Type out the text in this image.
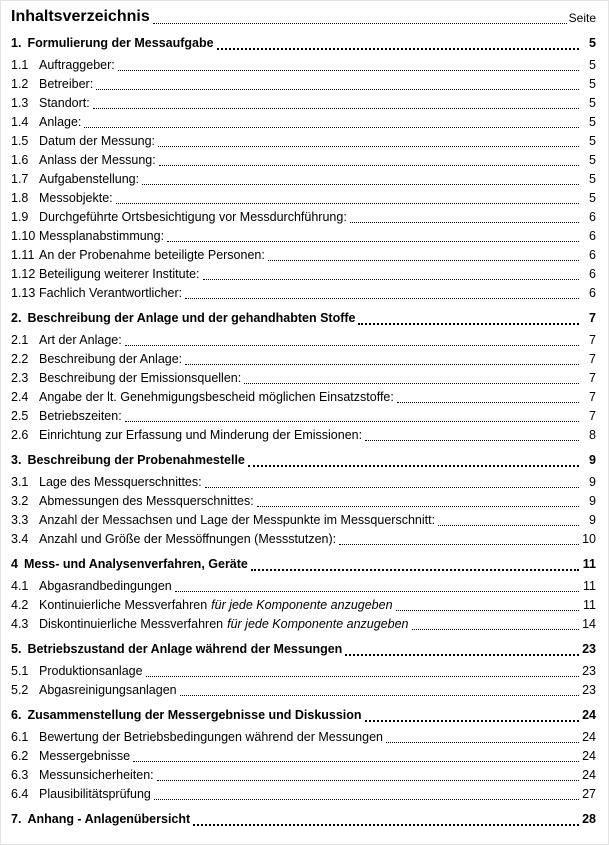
Inhaltsverzeichnis	Seite
1. Formulierung der Messaufgabe	5
1.1 Auftraggeber:	5
1.2 Betreiber:	5
1.3 Standort:	5
1.4 Anlage:	5
1.5 Datum der Messung:	5
1.6 Anlass der Messung:	5
1.7 Aufgabenstellung:	5
1.8 Messobjekte:	5
1.9 Durchgeführte Ortsbesichtigung vor Messdurchführung:	6
1.10 Messplanabstimmung:	6
1.11 An der Probenahme beteiligte Personen:	6
1.12 Beteiligung weiterer Institute:	6
1.13 Fachlich Verantwortlicher:	6
2. Beschreibung der Anlage und der gehandhabten Stoffe	7
2.1 Art der Anlage:	7
2.2 Beschreibung der Anlage:	7
2.3 Beschreibung der Emissionsquellen:	7
2.4 Angabe der lt. Genehmigungsbescheid möglichen Einsatzstoffe:	7
2.5 Betriebszeiten:	7
2.6 Einrichtung zur Erfassung und Minderung der Emissionen:	8
3. Beschreibung der Probenahmestelle	9
3.1 Lage des Messquerschnittes:	9
3.2 Abmessungen des Messquerschnittes:	9
3.3 Anzahl der Messachsen und Lage der Messpunkte im Messquerschnitt:	9
3.4 Anzahl und Größe der Messöffnungen (Messstutzen):	10
4 Mess- und Analysenverfahren, Geräte	11
4.1 Abgasrandbedingungen	11
4.2 Kontinuierliche Messverfahren für jede Komponente anzugeben	11
4.3 Diskontinuierliche Messverfahren für jede Komponente anzugeben	14
5. Betriebszustand der Anlage während der Messungen	23
5.1 Produktionsanlage	23
5.2 Abgasreinigungsanlagen	23
6. Zusammenstellung der Messergebnisse und Diskussion	24
6.1 Bewertung der Betriebsbedingungen während der Messungen	24
6.2 Messergebnisse	24
6.3 Messunsicherheiten:	24
6.4 Plausibilitätsprüfung	27
7. Anhang - Anlagenübersicht	28
